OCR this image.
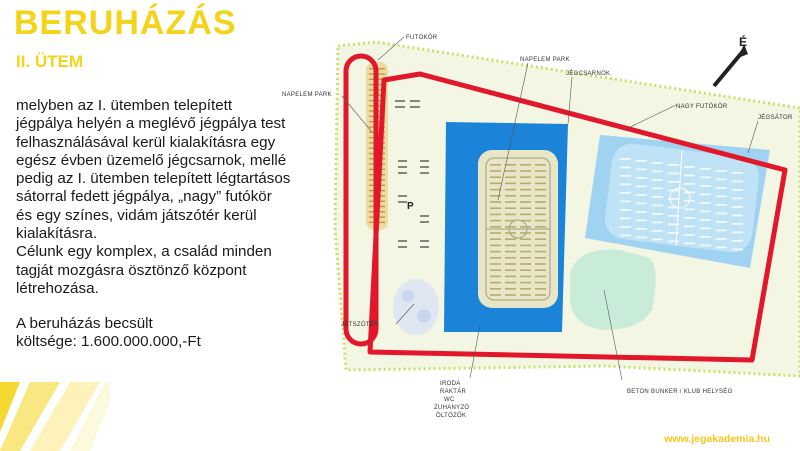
BERUHÁZÁS
II. ÜTEM

melyben az I. ütemben telepített
jégpálya helyén a meglévő jégpálya test
felhasználásával kerül kialakításra egy
egész évben üzemelő jégcsarnok, mellé
pedig az I. ütemben telepített légtartásos
sátorral fedett jégpálya, „nagy” futókör
és egy színes, vidám játszótér kerül
kialakításra.
Célunk egy komplex, a család minden
tagját mozgásra ösztönző központ
létrehozása.

A beruházás becsült
költsége: 1.600.000.000,-Ft

www.jegakademia.hu

P
É
FUTÓKÖR
NAPELEM PARK
NAPELEM PARK
JÉGCSARNOK
NAGY FUTÓKÖR
JÉGSÁTOR
JÁTSZÓTÉR
BETON BUNKER / KLUB HELYSÉG
IRODA
RAKTÁR
WC
ZUHANYZÓ
ÖLTÖZŐK
